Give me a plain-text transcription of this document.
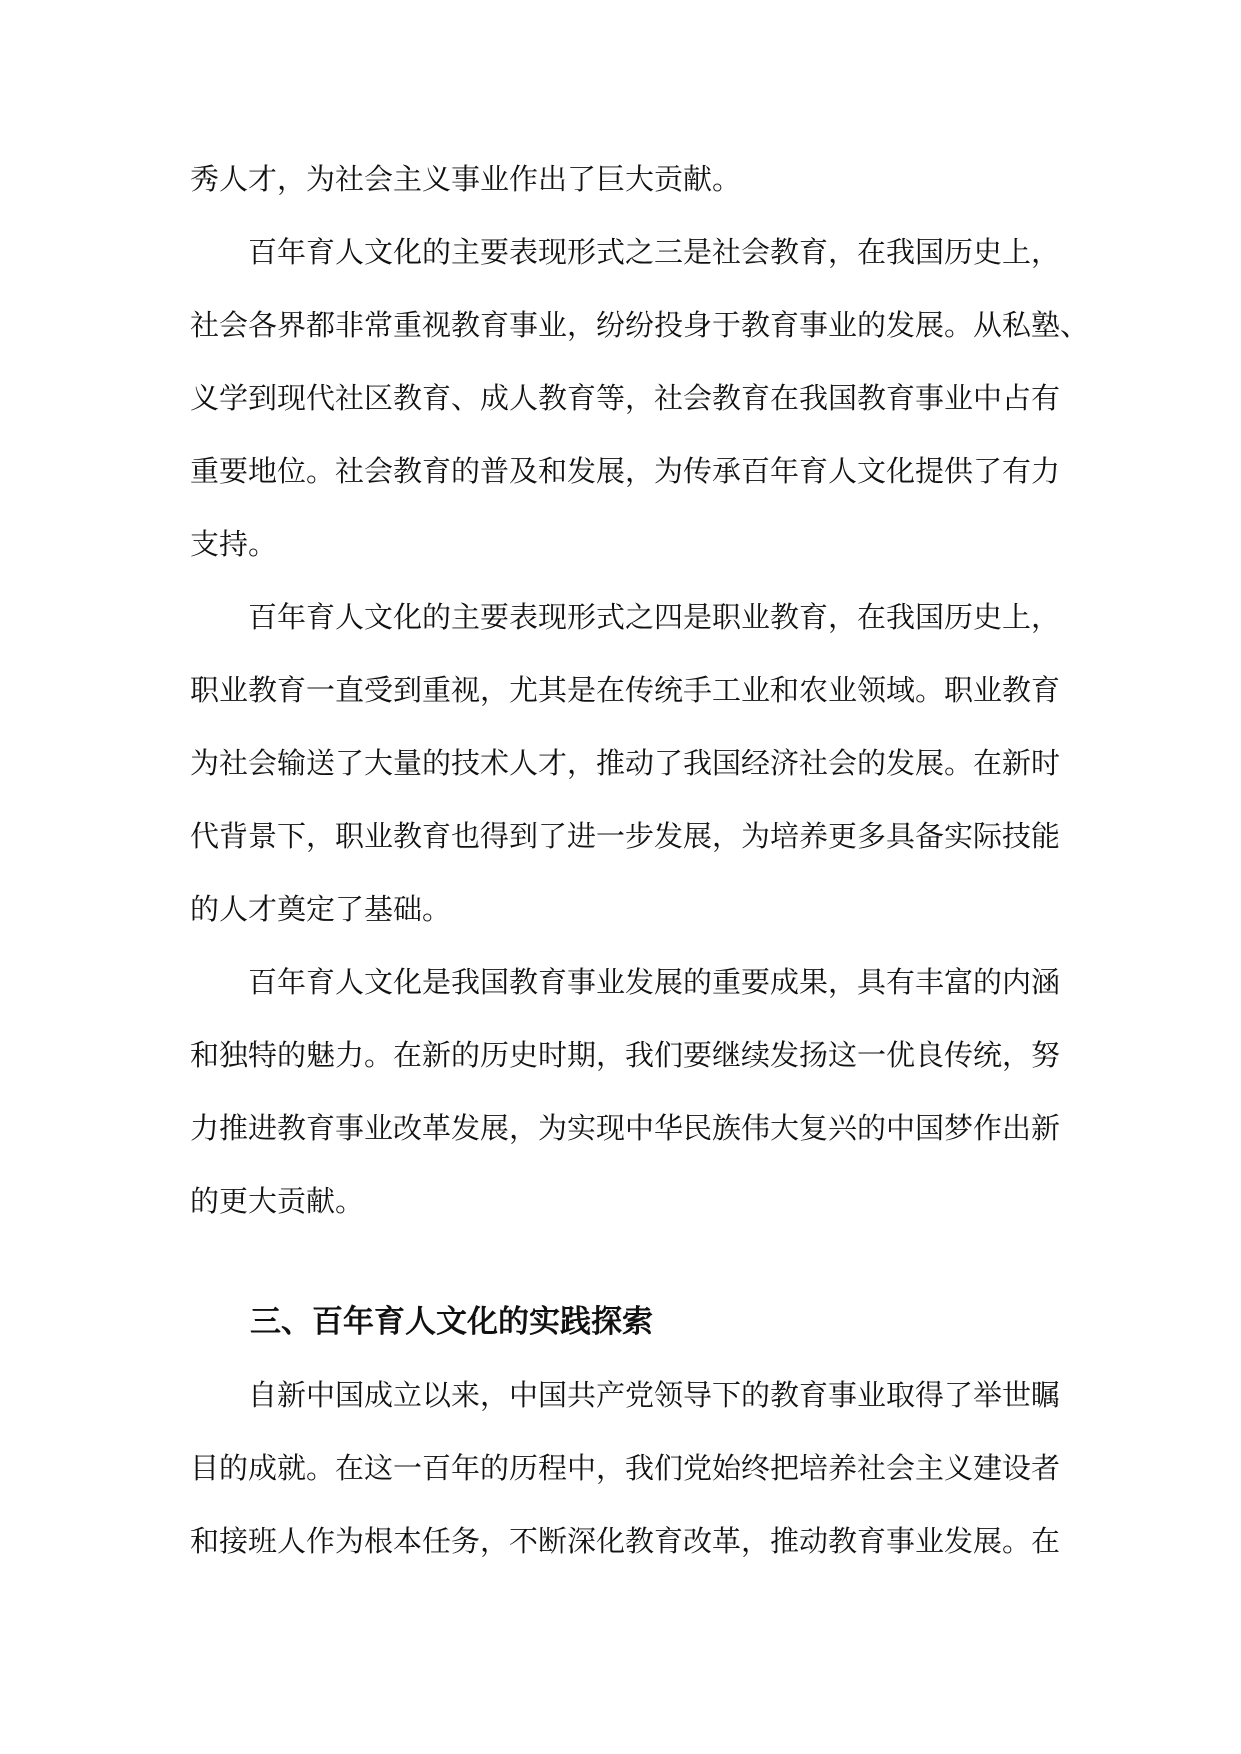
秀人才，为社会主义事业作出了巨大贡献。
百年育人文化的主要表现形式之三是社会教育，在我国历史上，
社会各界都非常重视教育事业，纷纷投身于教育事业的发展。从私塾、
义学到现代社区教育、成人教育等，社会教育在我国教育事业中占有
重要地位。社会教育的普及和发展，为传承百年育人文化提供了有力
支持。
百年育人文化的主要表现形式之四是职业教育，在我国历史上，
职业教育一直受到重视，尤其是在传统手工业和农业领域。职业教育
为社会输送了大量的技术人才，推动了我国经济社会的发展。在新时
代背景下，职业教育也得到了进一步发展，为培养更多具备实际技能
的人才奠定了基础。
百年育人文化是我国教育事业发展的重要成果，具有丰富的内涵
和独特的魅力。在新的历史时期，我们要继续发扬这一优良传统，努
力推进教育事业改革发展，为实现中华民族伟大复兴的中国梦作出新
的更大贡献。
三、百年育人文化的实践探索
自新中国成立以来，中国共产党领导下的教育事业取得了举世瞩
目的成就。在这一百年的历程中，我们党始终把培养社会主义建设者
和接班人作为根本任务，不断深化教育改革，推动教育事业发展。在
